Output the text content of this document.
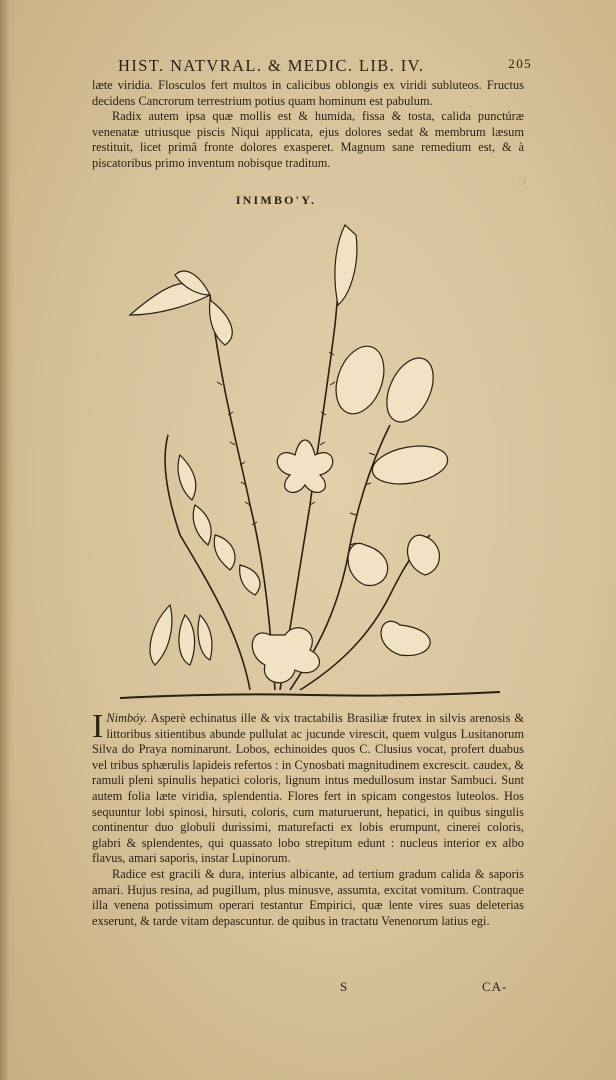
HIST. NATVRAL. & MEDIC. LIB. IV.	205

læte viridia. Flosculos fert multos in calicibus oblongis ex viridi subluteos. Fructus decidens Cancrorum terrestrium potius quam hominum est pabulum.

Radix autem ipsa quæ mollis est & humida, fissa & tosta, calida punctúræ venenatæ utriusque piscis Niqui applicata, ejus dolores sedat & membrum læsum restituit, licet primâ fronte dolores exasperet. Magnum sane remedium est, & à piscatoribus primo inventum nobisque traditum.

INIMBO'Y.
C

I Nimbóy. Asperè echinatus ille & vix tractabilis Brasiliæ frutex in silvis arenosis & littoribus sitientibus abunde pullulat ac jucunde virescit, quem vulgus Lusitanorum Silva do Praya nominarunt. Lobos, echinoides quos C. Clusius vocat, profert duabus vel tribus sphærulis lapideis refertos : in Cynosbati magnitudinem excrescit. caudex, & ramuli pleni spinulis hepatici coloris, lignum intus medullosum instar Sambuci. Sunt autem folia læte viridia, splendentia. Flores fert in spicam congestos luteolos. Hos sequuntur lobi spinosi, hirsuti, coloris, cum maturuerunt, hepatici, in quibus singulis continentur duo globuli durissimi, maturefacti ex lobis erumpunt, cinerei coloris, glabri & splendentes, qui quassato lobo strepitum edunt : nucleus interior ex albo flavus, amari saporis, instar Lupinorum.

Radice est gracili & dura, interius albicante, ad tertium gradum calida & saporis amari. Hujus resina, ad pugillum, plus minusve, assumta, excitat vomitum. Contraque illa venena potissimum operari testantur Empirici, quæ lente vires suas deleterias exserunt, & tarde vitam depascuntur. de quibus in tractatu Venenorum latius egi.

S	CA-
